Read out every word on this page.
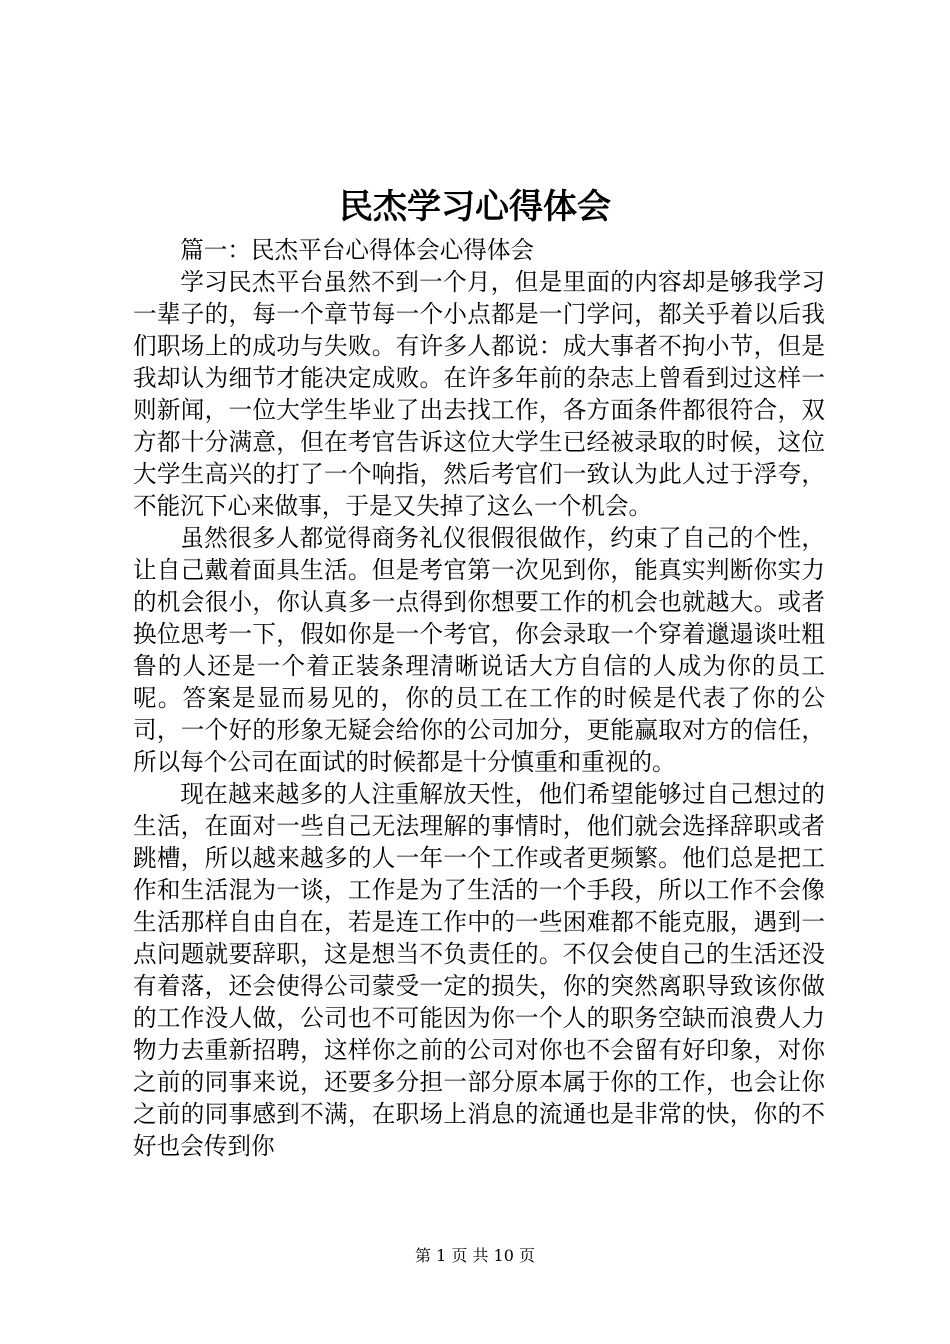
民杰学习心得体会

篇一：民杰平台心得体会心得体会

学习民杰平台虽然不到一个月，但是里面的内容却是够我学习一辈子的，每一个章节每一个小点都是一门学问，都关乎着以后我们职场上的成功与失败。有许多人都说：成大事者不拘小节，但是我却认为细节才能决定成败。在许多年前的杂志上曾看到过这样一则新闻，一位大学生毕业了出去找工作，各方面条件都很符合，双方都十分满意，但在考官告诉这位大学生已经被录取的时候，这位大学生高兴的打了一个响指，然后考官们一致认为此人过于浮夸，不能沉下心来做事，于是又失掉了这么一个机会。

虽然很多人都觉得商务礼仪很假很做作，约束了自己的个性，让自己戴着面具生活。但是考官第一次见到你，能真实判断你实力的机会很小，你认真多一点得到你想要工作的机会也就越大。或者换位思考一下，假如你是一个考官，你会录取一个穿着邋遢谈吐粗鲁的人还是一个着正装条理清晰说话大方自信的人成为你的员工呢。答案是显而易见的，你的员工在工作的时候是代表了你的公司，一个好的形象无疑会给你的公司加分，更能赢取对方的信任，所以每个公司在面试的时候都是十分慎重和重视的。

现在越来越多的人注重解放天性，他们希望能够过自己想过的生活，在面对一些自己无法理解的事情时，他们就会选择辞职或者跳槽，所以越来越多的人一年一个工作或者更频繁。他们总是把工作和生活混为一谈，工作是为了生活的一个手段，所以工作不会像生活那样自由自在，若是连工作中的一些困难都不能克服，遇到一点问题就要辞职，这是想当不负责任的。不仅会使自己的生活还没有着落，还会使得公司蒙受一定的损失，你的突然离职导致该你做的工作没人做，公司也不可能因为你一个人的职务空缺而浪费人力物力去重新招聘，这样你之前的公司对你也不会留有好印象，对你之前的同事来说，还要多分担一部分原本属于你的工作，也会让你之前的同事感到不满，在职场上消息的流通也是非常的快，你的不好也会传到你

第 1 页 共 10 页
